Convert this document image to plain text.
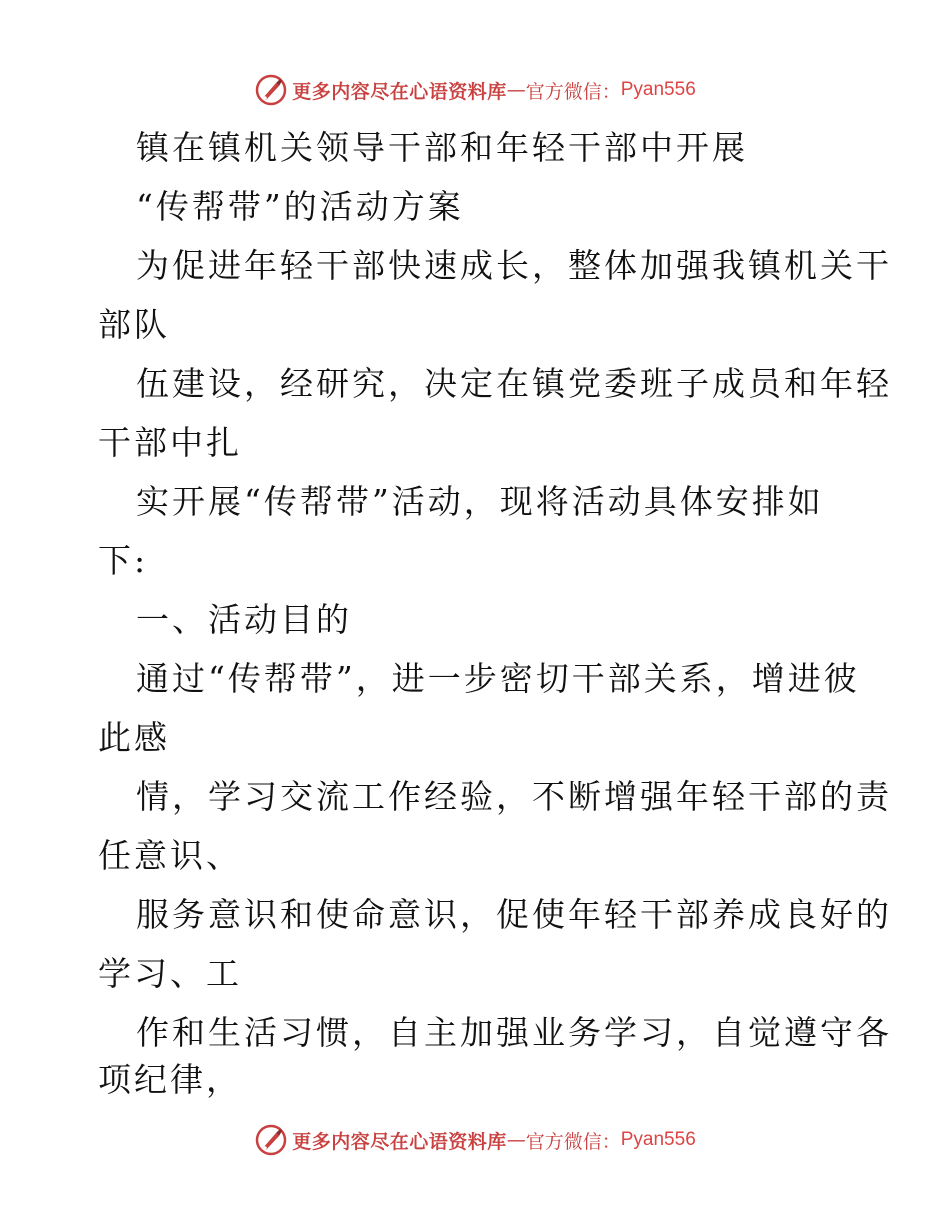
更多内容尽在心语资料库 — 官方微信： Pyan556
镇在镇机关领导干部和年轻干部中开展
“传帮带”的活动方案
为促进年轻干部快速成长，整体加强我镇机关干
部队
伍建设，经研究，决定在镇党委班子成员和年轻
干部中扎
实开展“传帮带”活动，现将活动具体安排如
下:
一、活动目的
通过“传帮带”，进一步密切干部关系，增进彼
此感
情，学习交流工作经验，不断增强年轻干部的责
任意识、
服务意识和使命意识，促使年轻干部养成良好的
学习、工
作和生活习惯，自主加强业务学习，自觉遵守各
项纪律，
更多内容尽在心语资料库 — 官方微信： Pyan556
